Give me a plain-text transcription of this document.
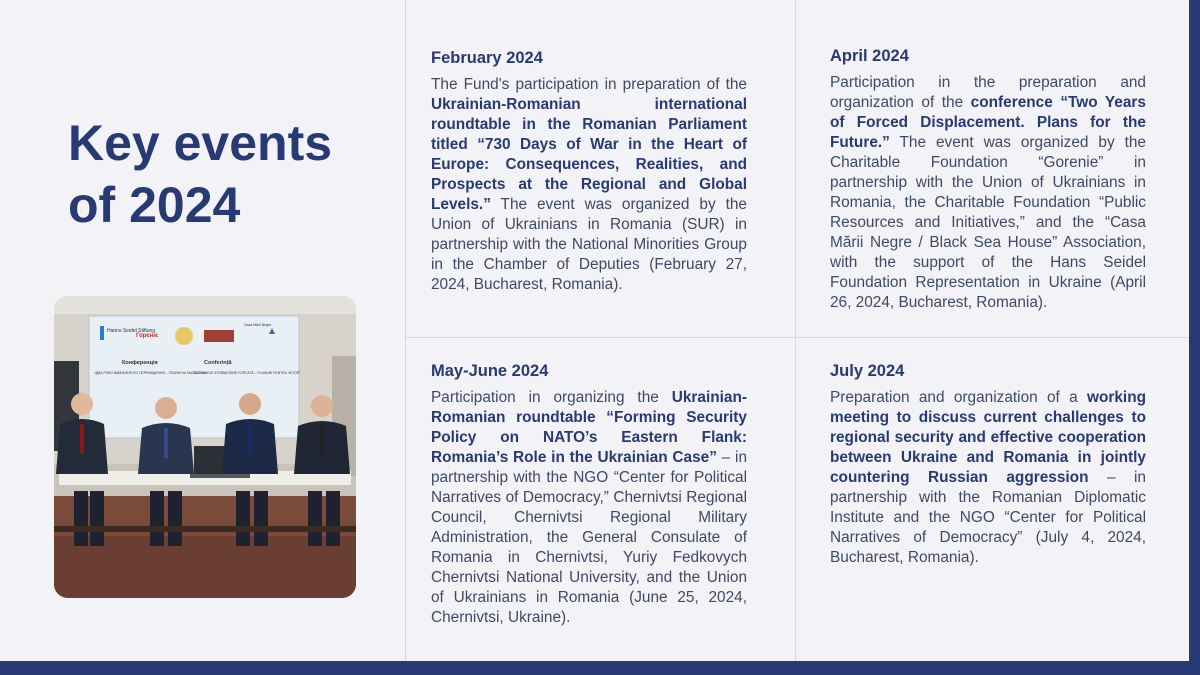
Key events
of 2024
Hanns Seidel Stiftung
Горєніє
Casa Mării Negre
Конференція
«ДВА РОКИ ВИМУШЕНОГО ПЕРЕМІЩЕННЯ – ПЛАНИ НА МАЙБУТНЄ»
Conferință
„DOI ANI DE STRĂMUTARE FORȚATĂ – PLANURI PENTRU VIITOR”
February 2024

The Fund's participation in preparation of the Ukrainian-Romanian international roundtable in the Romanian Parliament titled “730 Days of War in the Heart of Europe: Consequences, Realities, and Prospects at the Regional and Global Levels.” The event was organized by the Union of Ukrainians in Romania (SUR) in partnership with the National Minorities Group in the Chamber of Deputies (February 27, 2024, Bucharest, Romania).

April 2024

Participation in the preparation and organization of the conference “Two Years of Forced Displacement. Plans for the Future.” The event was organized by the Charitable Foundation “Gorenie” in partnership with the Union of Ukrainians in Romania, the Charitable Foundation “Public Resources and Initiatives,” and the “Casa Mării Negre / Black Sea House” Association, with the support of the Hans Seidel Foundation Representation in Ukraine (April 26, 2024, Bucharest, Romania).

May-June 2024

Participation in organizing the Ukrainian-Romanian roundtable “Forming Security Policy on NATO’s Eastern Flank: Romania’s Role in the Ukrainian Case” – in partnership with the NGO “Center for Political Narratives of Democracy,” Chernivtsi Regional Council, Chernivtsi Regional Military Administration, the General Consulate of Romania in Chernivtsi, Yuriy Fedkovych Chernivtsi National University, and the Union of Ukrainians in Romania (June 25, 2024, Chernivtsi, Ukraine).

July 2024

Preparation and organization of a working meeting to discuss current challenges to regional security and effective cooperation between Ukraine and Romania in jointly countering Russian aggression – in partnership with the Romanian Diplomatic Institute and the NGO “Center for Political Narratives of Democracy” (July 4, 2024, Bucharest, Romania).
